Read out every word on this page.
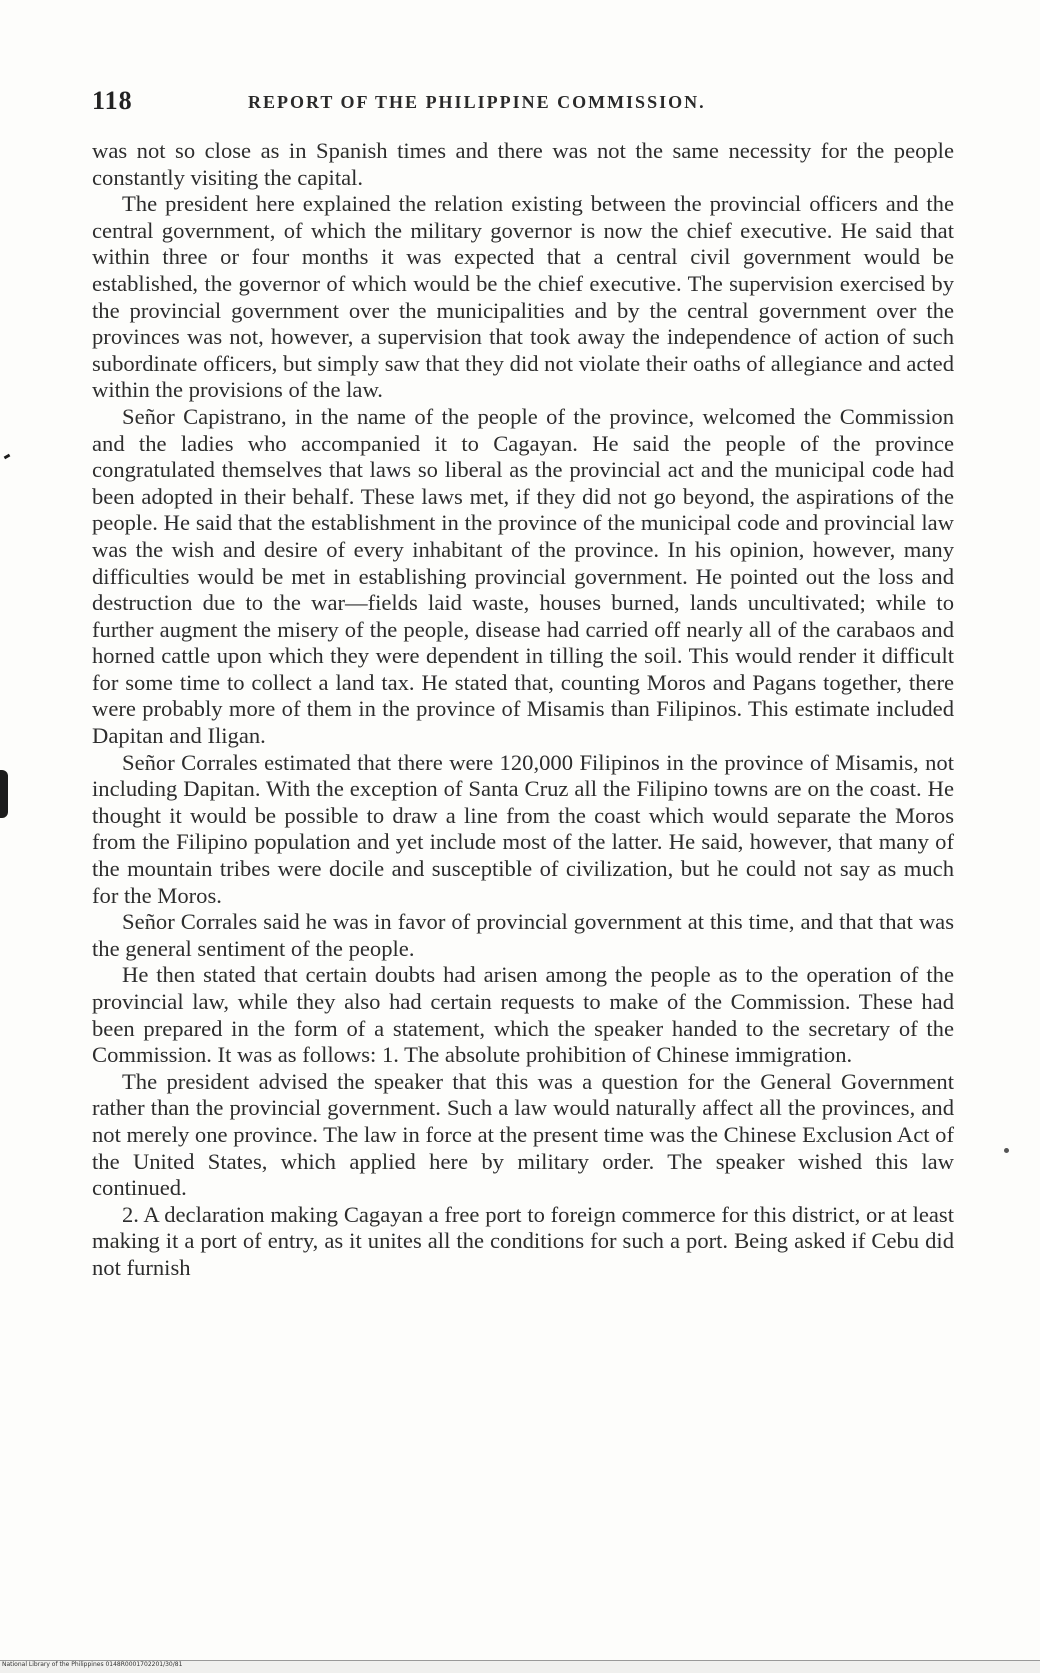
118	REPORT OF THE PHILIPPINE COMMISSION.

was not so close as in Spanish times and there was not the same necessity for the people constantly visiting the capital.

The president here explained the relation existing between the provincial officers and the central government, of which the military governor is now the chief executive. He said that within three or four months it was expected that a central civil government would be established, the governor of which would be the chief executive. The supervision exercised by the provincial government over the municipalities and by the central government over the provinces was not, however, a supervision that took away the independence of action of such subordinate officers, but simply saw that they did not violate their oaths of allegiance and acted within the provisions of the law.

Señor Capistrano, in the name of the people of the province, welcomed the Commission and the ladies who accompanied it to Cagayan. He said the people of the province congratulated themselves that laws so liberal as the provincial act and the municipal code had been adopted in their behalf. These laws met, if they did not go beyond, the aspirations of the people. He said that the establishment in the province of the municipal code and provincial law was the wish and desire of every inhabitant of the province. In his opinion, however, many difficulties would be met in establishing provincial government. He pointed out the loss and destruction due to the war—fields laid waste, houses burned, lands uncultivated; while to further augment the misery of the people, disease had carried off nearly all of the carabaos and horned cattle upon which they were dependent in tilling the soil. This would render it difficult for some time to collect a land tax. He stated that, counting Moros and Pagans together, there were probably more of them in the province of Misamis than Filipinos. This estimate included Dapitan and Iligan.

Señor Corrales estimated that there were 120,000 Filipinos in the province of Misamis, not including Dapitan. With the exception of Santa Cruz all the Filipino towns are on the coast. He thought it would be possible to draw a line from the coast which would separate the Moros from the Filipino population and yet include most of the latter. He said, however, that many of the mountain tribes were docile and susceptible of civilization, but he could not say as much for the Moros.

Señor Corrales said he was in favor of provincial government at this time, and that that was the general sentiment of the people.

He then stated that certain doubts had arisen among the people as to the operation of the provincial law, while they also had certain requests to make of the Commission. These had been prepared in the form of a statement, which the speaker handed to the secretary of the Commission. It was as follows: 1. The absolute prohibition of Chinese immigration.

The president advised the speaker that this was a question for the General Government rather than the provincial government. Such a law would naturally affect all the provinces, and not merely one province. The law in force at the present time was the Chinese Exclusion Act of the United States, which applied here by military order. The speaker wished this law continued.

2. A declaration making Cagayan a free port to foreign commerce for this district, or at least making it a port of entry, as it unites all the conditions for such a port. Being asked if Cebu did not furnish

National Library of the Philippines 0148R0001702201/30/81
